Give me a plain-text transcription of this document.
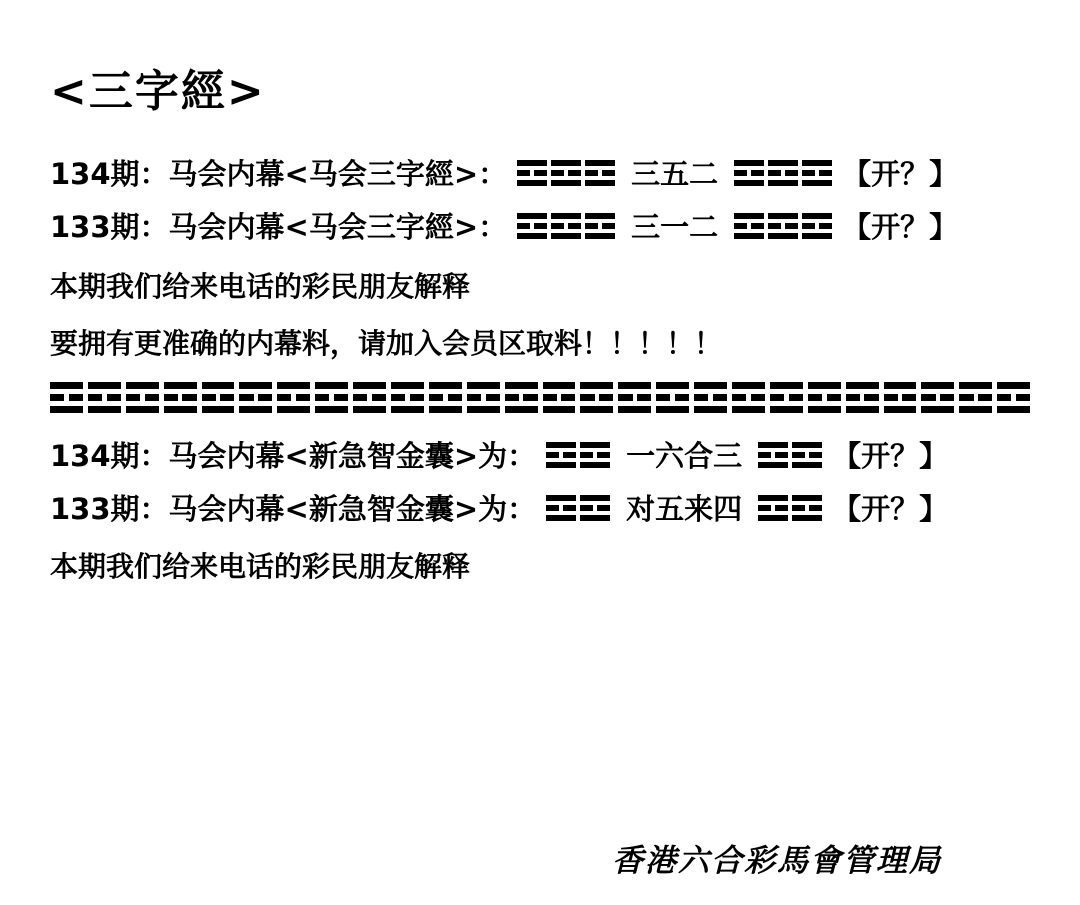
<三字經>
134期：马会内幕<马会三字經>：	三五二	【开？】
133期：马会内幕<马会三字經>：	三一二	【开？】
本期我们给来电话的彩民朋友解释
要拥有更准确的内幕料，请加入会员区取料！！！！！
134期：马会内幕<新急智金囊>为：	一六合三	【开？】
133期：马会内幕<新急智金囊>为：	对五来四	【开？】
本期我们给来电话的彩民朋友解释
香港六合彩馬會管理局
